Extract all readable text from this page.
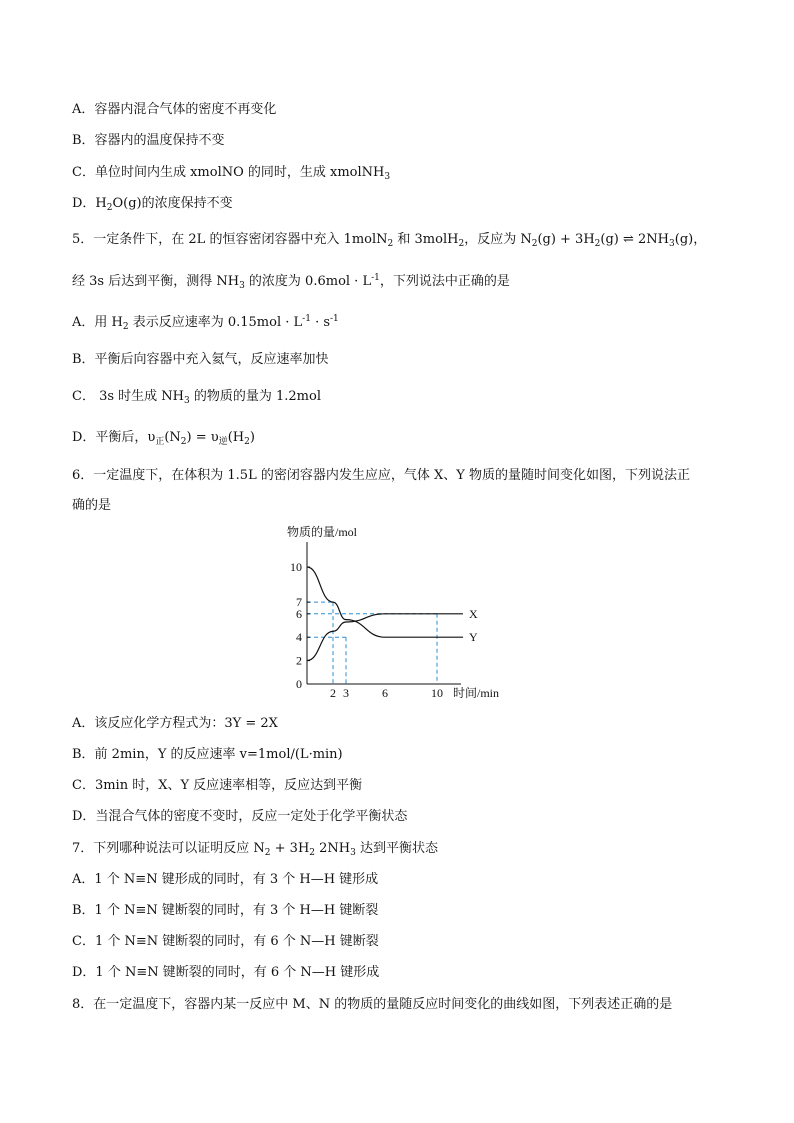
A．容器内混合气体的密度不再变化
B．容器内的温度保持不变
C．单位时间内生成 xmolNO 的同时，生成 xmolNH$_3$
D．$H_2O(g)$的浓度保持不变
5．一定条件下，在 2L 的恒容密闭容器中充入 1molN$_2$ 和 3molH$_2$，反应为 $N_2(g) + 3H_2(g)$ ⇌ $2NH_3(g)$，
经 3s 后达到平衡，测得 $NH_3$ 的浓度为 $0.6mol \cdot L^{-1}$，下列说法中正确的是
A．用 $H_2$ 表示反应速率为 $0.15mol \cdot L^{-1} \cdot s^{-1}$
B．平衡后向容器中充入氦气，反应速率加快
C． 3s 时生成 $NH_3$ 的物质的量为 1.2mol
D．平衡后，$\upsilon_正(N_2) = \upsilon_逆(H_2)$
6．一定温度下，在体积为 1.5L 的密闭容器内发生应应，气体 X、Y 物质的量随时间变化如图，下列说法正
确的是
物质的量/mol
时间/min
0
2
4
6
7
10
2 3	6	10
X
Y
A．该反应化学方程式为：3Y = 2X
B．前 2min，Y 的反应速率 v=1mol/(L·min)
C．3min 时，X、Y 反应速率相等，反应达到平衡
D．当混合气体的密度不变时，反应一定处于化学平衡状态
7．下列哪种说法可以证明反应 $N_2 + 3H_2$ $2NH_3$ 达到平衡状态
A．1 个 N≡N 键形成的同时，有 3 个 H—H 键形成
B．1 个 N≡N 键断裂的同时，有 3 个 H—H 键断裂
C．1 个 N≡N 键断裂的同时，有 6 个 N—H 键断裂
D．1 个 N≡N 键断裂的同时，有 6 个 N—H 键形成
8．在一定温度下，容器内某一反应中 M、N 的物质的量随反应时间变化的曲线如图，下列表述正确的是
